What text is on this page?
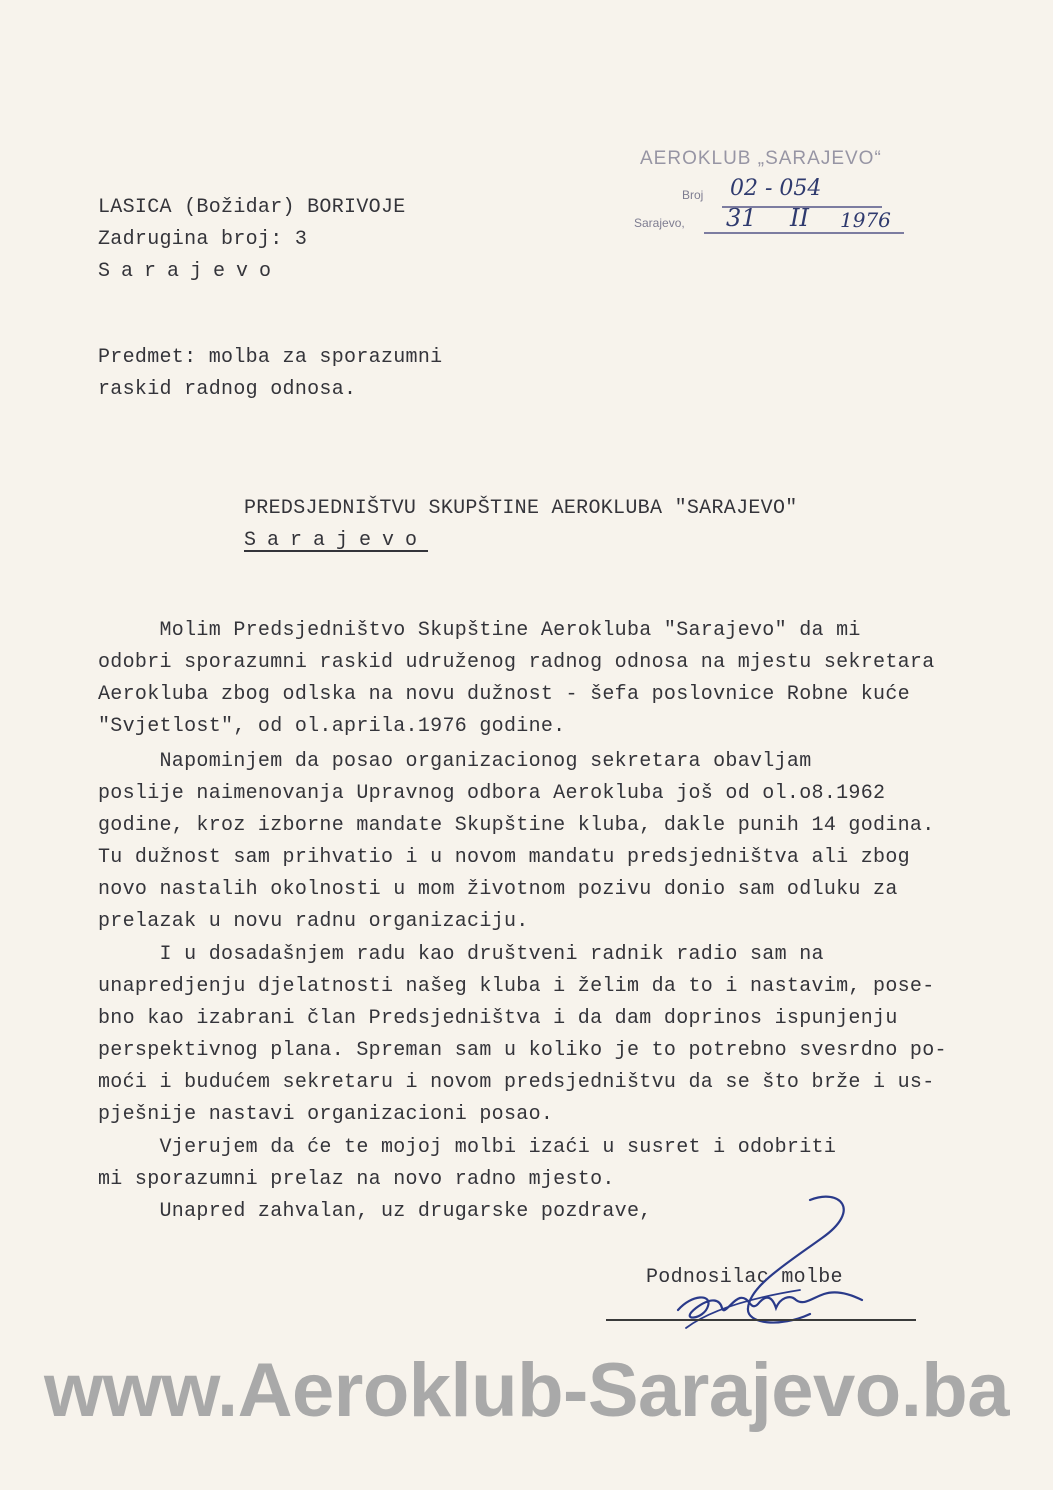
AEROKLUB „SARAJEVO“
Broj 02 - 054
Sarajevo, 31 II 1976
LASICA (Božidar) BORIVOJE
Zadrugina broj: 3
Sarajevo
Predmet: molba za sporazumni
raskid radnog odnosa.
PREDSJEDNIŠTVU SKUPŠTINE AEROKLUBA "SARAJEVO"
Sarajevo
Molim Predsjedništvo Skupštine Aerokluba "Sarajevo" da mi
odobri sporazumni raskid udruženog radnog odnosa na mjestu sekretara
Aerokluba zbog odlska na novu dužnost - šefa poslovnice Robne kuće
"Svjetlost", od ol.aprila.1976 godine.
Napominjem da posao organizacionog sekretara obavljam
poslije naimenovanja Upravnog odbora Aerokluba još od ol.o8.1962
godine, kroz izborne mandate Skupštine kluba, dakle punih 14 godina.
Tu dužnost sam prihvatio i u novom mandatu predsjedništva ali zbog
novo nastalih okolnosti u mom životnom pozivu donio sam odluku za
prelazak u novu radnu organizaciju.
I u dosadašnjem radu kao društveni radnik radio sam na
unapredjenju djelatnosti našeg kluba i želim da to i nastavim, pose-
bno kao izabrani član Predsjedništva i da dam doprinos ispunjenju
perspektivnog plana. Spreman sam u koliko je to potrebno svesrdno po-
moći i budućem sekretaru i novom predsjedništvu da se što brže i us-
pješnije nastavi organizacioni posao.
Vjerujem da će te mojoj molbi izaći u susret i odobriti
mi sporazumni prelaz na novo radno mjesto.
Unapred zahvalan, uz drugarske pozdrave,
Podnosilac molbe
www.Aeroklub-Sarajevo.ba
